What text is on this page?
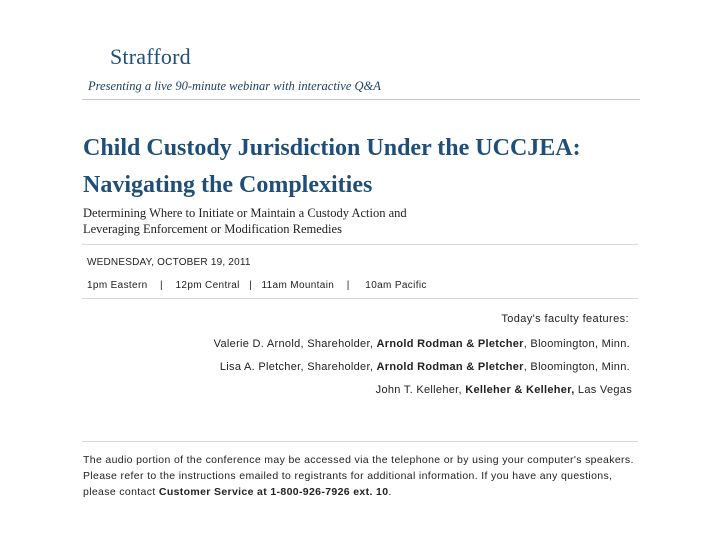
Strafford
Presenting a live 90-minute webinar with interactive Q&A
Child Custody Jurisdiction Under the UCCJEA:
Navigating the Complexities
Determining Where to Initiate or Maintain a Custody Action and
Leveraging Enforcement or Modification Remedies
WEDNESDAY, OCTOBER 19, 2011
1pm Eastern    |    12pm Central   |   11am Mountain    |     10am Pacific
Today's faculty features:
Valerie D. Arnold, Shareholder, Arnold Rodman & Pletcher, Bloomington, Minn.
Lisa A. Pletcher, Shareholder, Arnold Rodman & Pletcher, Bloomington, Minn.
John T. Kelleher, Kelleher & Kelleher, Las Vegas
The audio portion of the conference may be accessed via the telephone or by using your computer's speakers. Please refer to the instructions emailed to registrants for additional information. If you have any questions, please contact Customer Service at 1-800-926-7926 ext. 10.
